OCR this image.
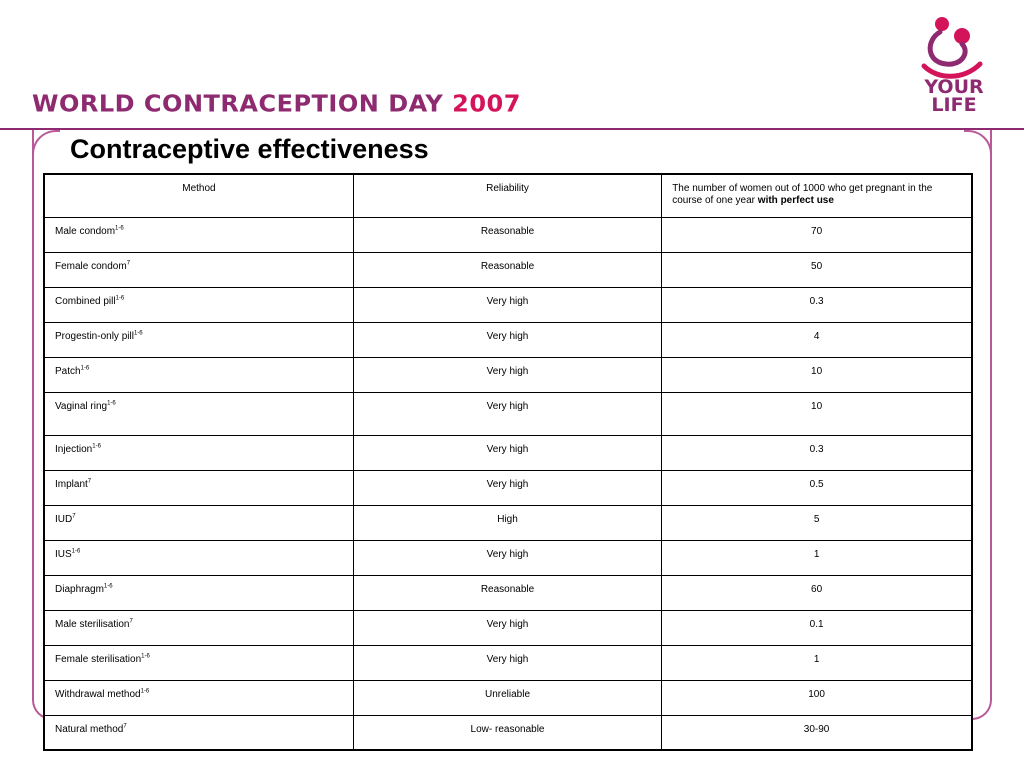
WORLD CONTRACEPTION DAY 2007
YOUR
LIFE
Contraceptive effectiveness
Method	Reliability	The number of women out of 1000 who get pregnant in the course of one year with perfect use
Male condom$^{1-6}$	Reasonable	70
Female condom$^7$	Reasonable	50
Combined pill$^{1-6}$	Very high	0.3
Progestin-only pill$^{1-6}$	Very high	4
Patch$^{1-6}$	Very high	10
Vaginal ring$^{1-6}$	Very high	10
Injection$^{1-6}$	Very high	0.3
Implant$^7$	Very high	0.5
IUD$^7$	High	5
IUS$^{1-6}$	Very high	1
Diaphragm$^{1-6}$	Reasonable	60
Male sterilisation$^7$	Very high	0.1
Female sterilisation$^{1-6}$	Very high	1
Withdrawal method$^{1-6}$	Unreliable	100
Natural method$^7$	Low- reasonable	30-90
